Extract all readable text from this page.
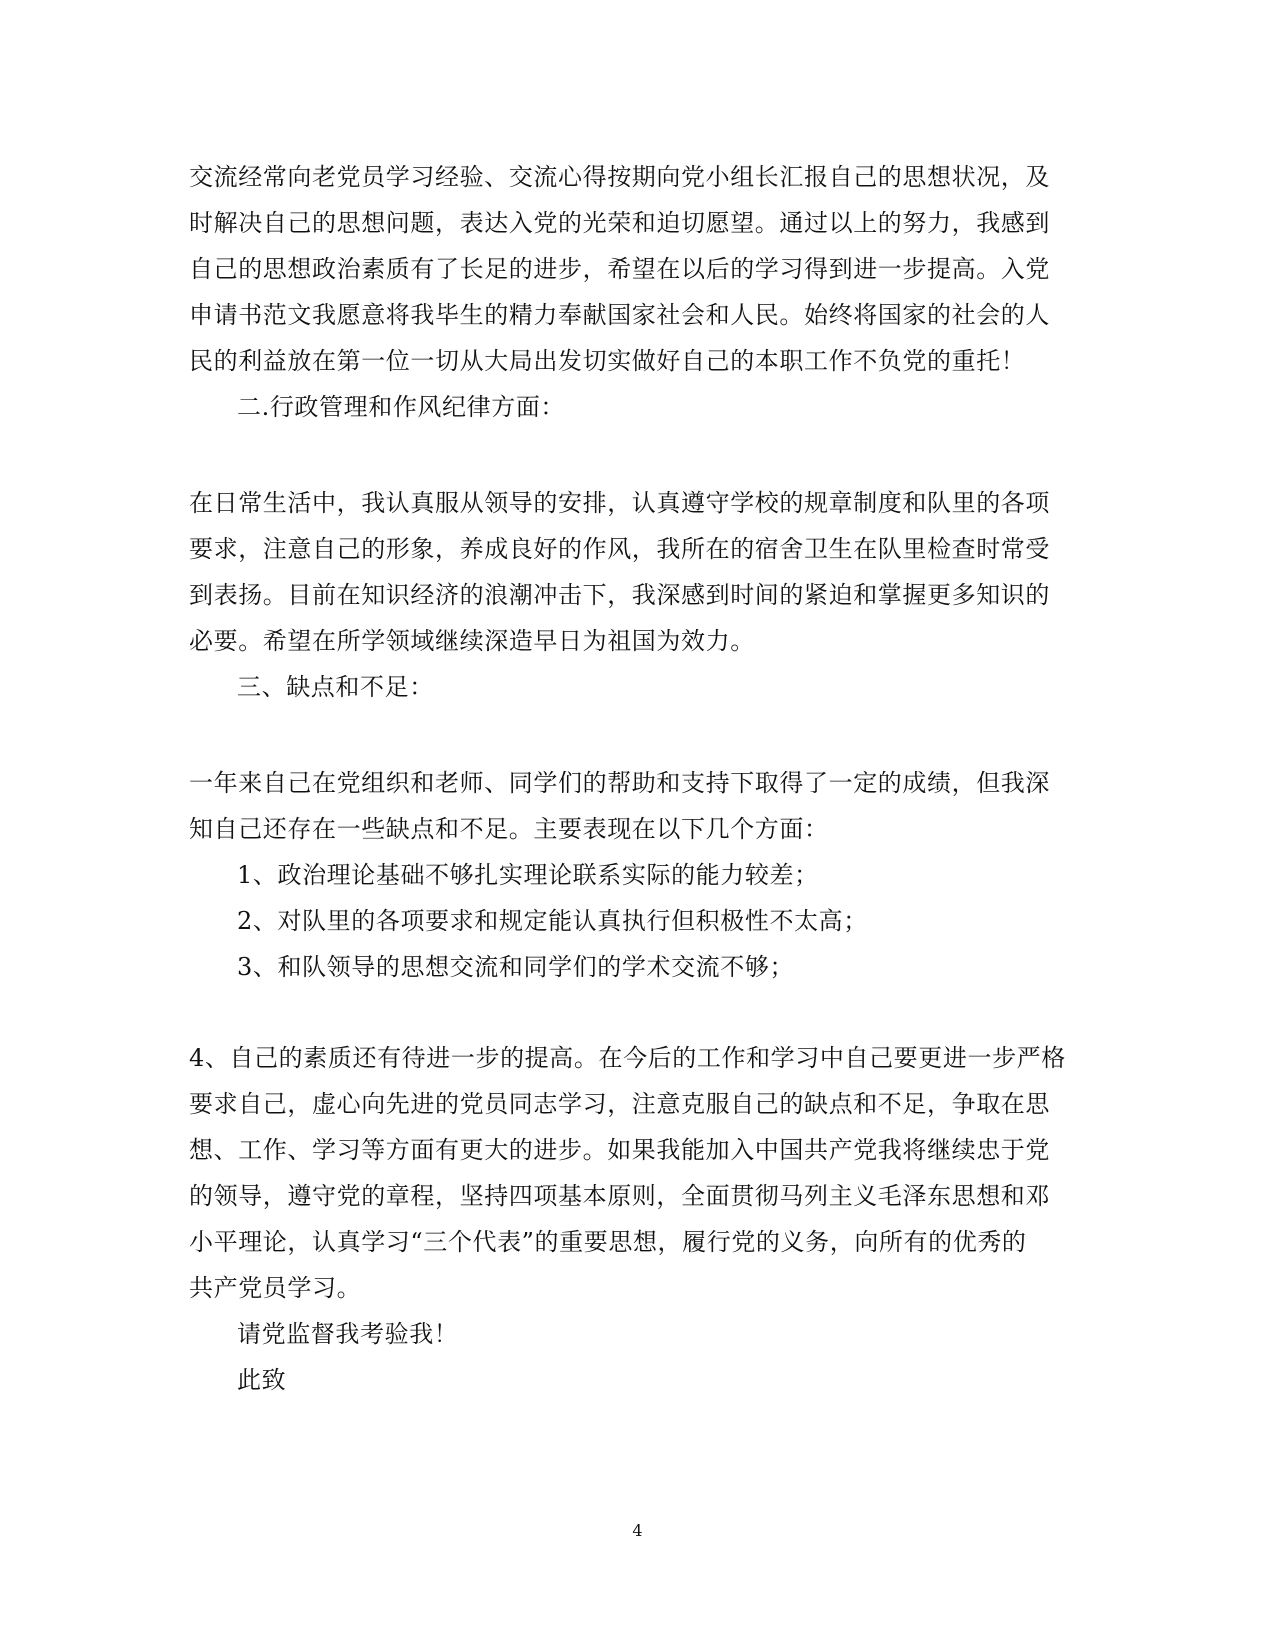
交流经常向老党员学习经验、交流心得按期向党小组长汇报自己的思想状况，及
时解决自己的思想问题，表达入党的光荣和迫切愿望。通过以上的努力，我感到
自己的思想政治素质有了长足的进步，希望在以后的学习得到进一步提高。入党
申请书范文我愿意将我毕生的精力奉献国家社会和人民。始终将国家的社会的人
民的利益放在第一位一切从大局出发切实做好自己的本职工作不负党的重托！
二.行政管理和作风纪律方面：
在日常生活中，我认真服从领导的安排，认真遵守学校的规章制度和队里的各项
要求，注意自己的形象，养成良好的作风，我所在的宿舍卫生在队里检查时常受
到表扬。目前在知识经济的浪潮冲击下，我深感到时间的紧迫和掌握更多知识的
必要。希望在所学领域继续深造早日为祖国为效力。
三、缺点和不足：
一年来自己在党组织和老师、同学们的帮助和支持下取得了一定的成绩，但我深
知自己还存在一些缺点和不足。主要表现在以下几个方面：
1、政治理论基础不够扎实理论联系实际的能力较差；
2、对队里的各项要求和规定能认真执行但积极性不太高；
3、和队领导的思想交流和同学们的学术交流不够；
4、自己的素质还有待进一步的提高。在今后的工作和学习中自己要更进一步严格
要求自己，虚心向先进的党员同志学习，注意克服自己的缺点和不足，争取在思
想、工作、学习等方面有更大的进步。如果我能加入中国共产党我将继续忠于党
的领导，遵守党的章程，坚持四项基本原则，全面贯彻马列主义毛泽东思想和邓
小平理论，认真学习“三个代表”的重要思想，履行党的义务，向所有的优秀的
共产党员学习。
请党监督我考验我！
此致
4
